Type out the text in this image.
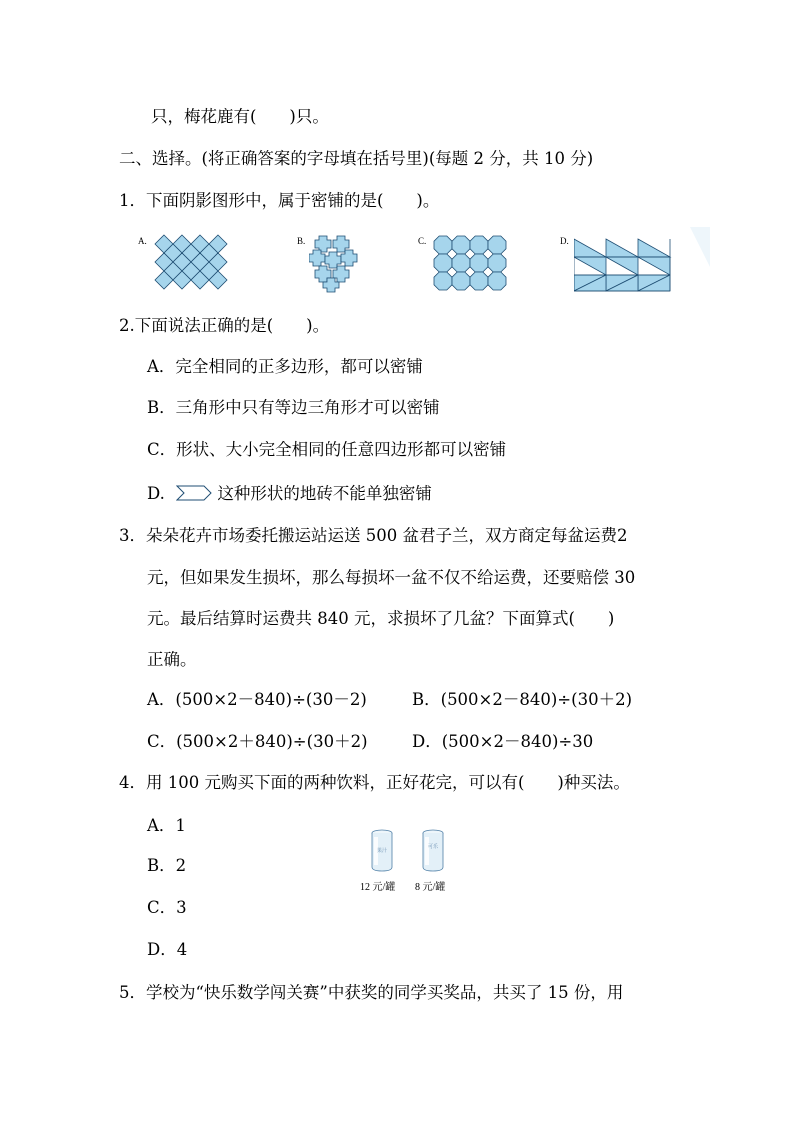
只，梅花鹿有(　　)只。
二、选择。(将正确答案的字母填在括号里)(每题 2 分，共 10 分)
1．下面阴影图形中，属于密铺的是(　　)。
A.	B.	C.	D.
2.下面说法正确的是(　　)。
A．完全相同的正多边形，都可以密铺
B．三角形中只有等边三角形才可以密铺
C．形状、大小完全相同的任意四边形都可以密铺
D.	这种形状的地砖不能单独密铺
3．朵朵花卉市场委托搬运站运送 500 盆君子兰，双方商定每盆运费2
元，但如果发生损坏，那么每损坏一盆不仅不给运费，还要赔偿 30
元。最后结算时运费共 840 元，求损坏了几盆？下面算式(　　)
正确。
A．(500×2－840)÷(30－2)	B．(500×2－840)÷(30＋2)
C．(500×2＋840)÷(30＋2)	D．(500×2－840)÷30
4．用 100 元购买下面的两种饮料，正好花完，可以有(　　)种买法。
A．1
B．2
C．3
D．4
果汁
可乐
12 元/罐 8 元/罐
5．学校为“快乐数学闯关赛”中获奖的同学买奖品，共买了 15 份，用
